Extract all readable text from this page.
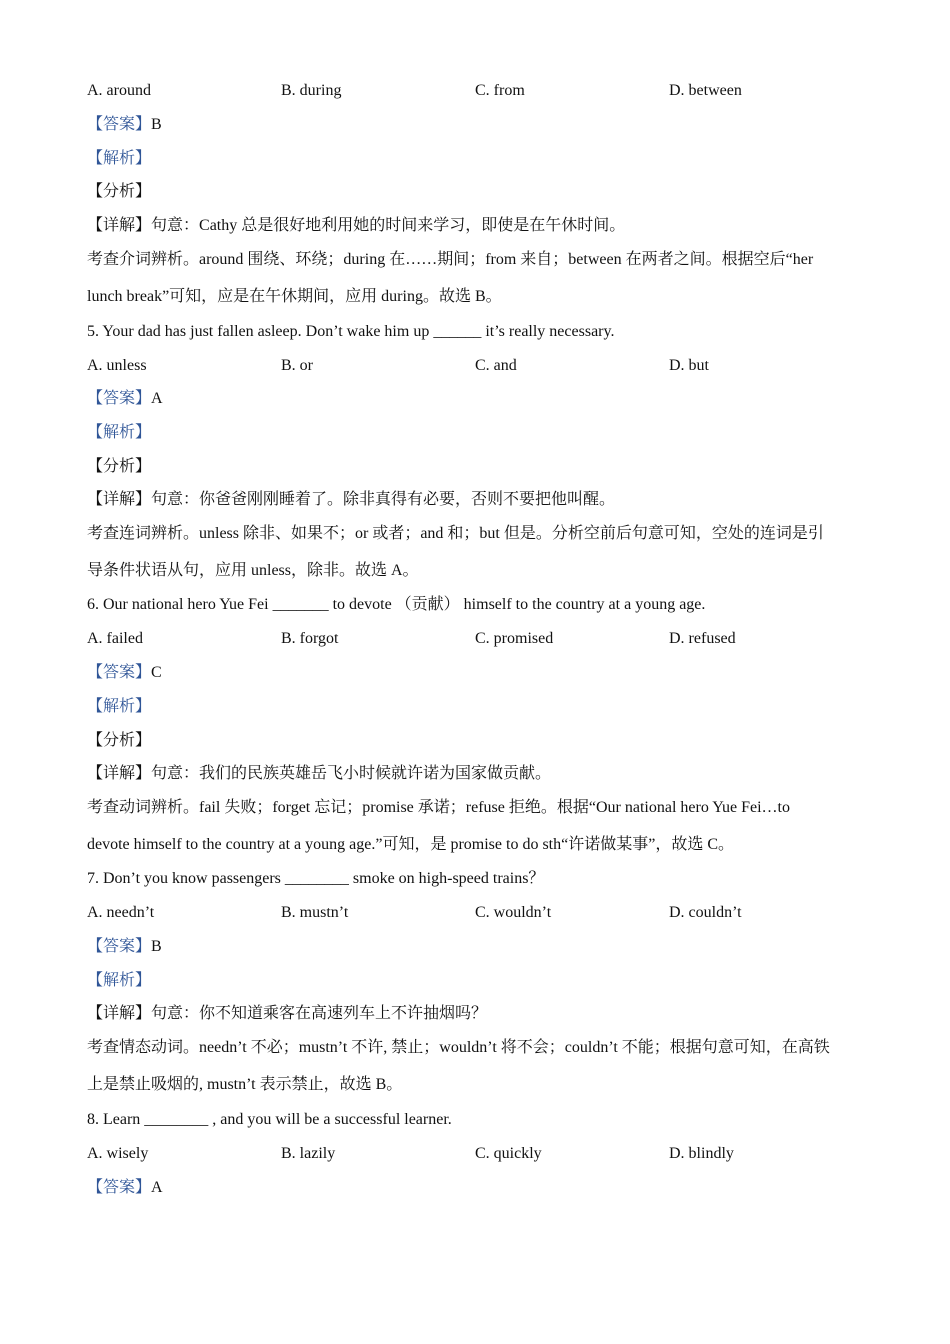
A. around	B. during	C. from	D. between
【答案】B
【解析】
【分析】
【详解】句意：Cathy 总是很好地利用她的时间来学习，即使是在午休时间。
考查介词辨析。around 围绕、环绕；during 在……期间；from 来自；between 在两者之间。根据空后“her
lunch break”可知，应是在午休期间，应用 during。故选 B。
5. Your dad has just fallen asleep. Don’t wake him up ______ it’s really necessary.
A. unless	B. or	C. and	D. but
【答案】A
【解析】
【分析】
【详解】句意：你爸爸刚刚睡着了。除非真得有必要，否则不要把他叫醒。
考查连词辨析。unless 除非、如果不；or 或者；and 和；but 但是。分析空前后句意可知，空处的连词是引
导条件状语从句，应用 unless，除非。故选 A。
6. Our national hero Yue Fei _______ to devote （贡献） himself to the country at a young age.
A. failed	B. forgot	C. promised	D. refused
【答案】C
【解析】
【分析】
【详解】句意：我们的民族英雄岳飞小时候就许诺为国家做贡献。
考查动词辨析。fail 失败；forget 忘记；promise 承诺；refuse 拒绝。根据“Our national hero Yue Fei…to
devote himself to the country at a young age.”可知，是 promise to do sth“许诺做某事”，故选 C。
7. Don’t you know passengers ________ smoke on high-speed trains？
A. needn’t	B. mustn’t	C. wouldn’t	D. couldn’t
【答案】B
【解析】
【详解】句意：你不知道乘客在高速列车上不许抽烟吗？
考查情态动词。needn’t 不必；mustn’t 不许, 禁止；wouldn’t 将不会；couldn’t 不能；根据句意可知，在高铁
上是禁止吸烟的, mustn’t 表示禁止，故选 B。
8. Learn ________ , and you will be a successful learner.
A. wisely	B. lazily	C. quickly	D. blindly
【答案】A
